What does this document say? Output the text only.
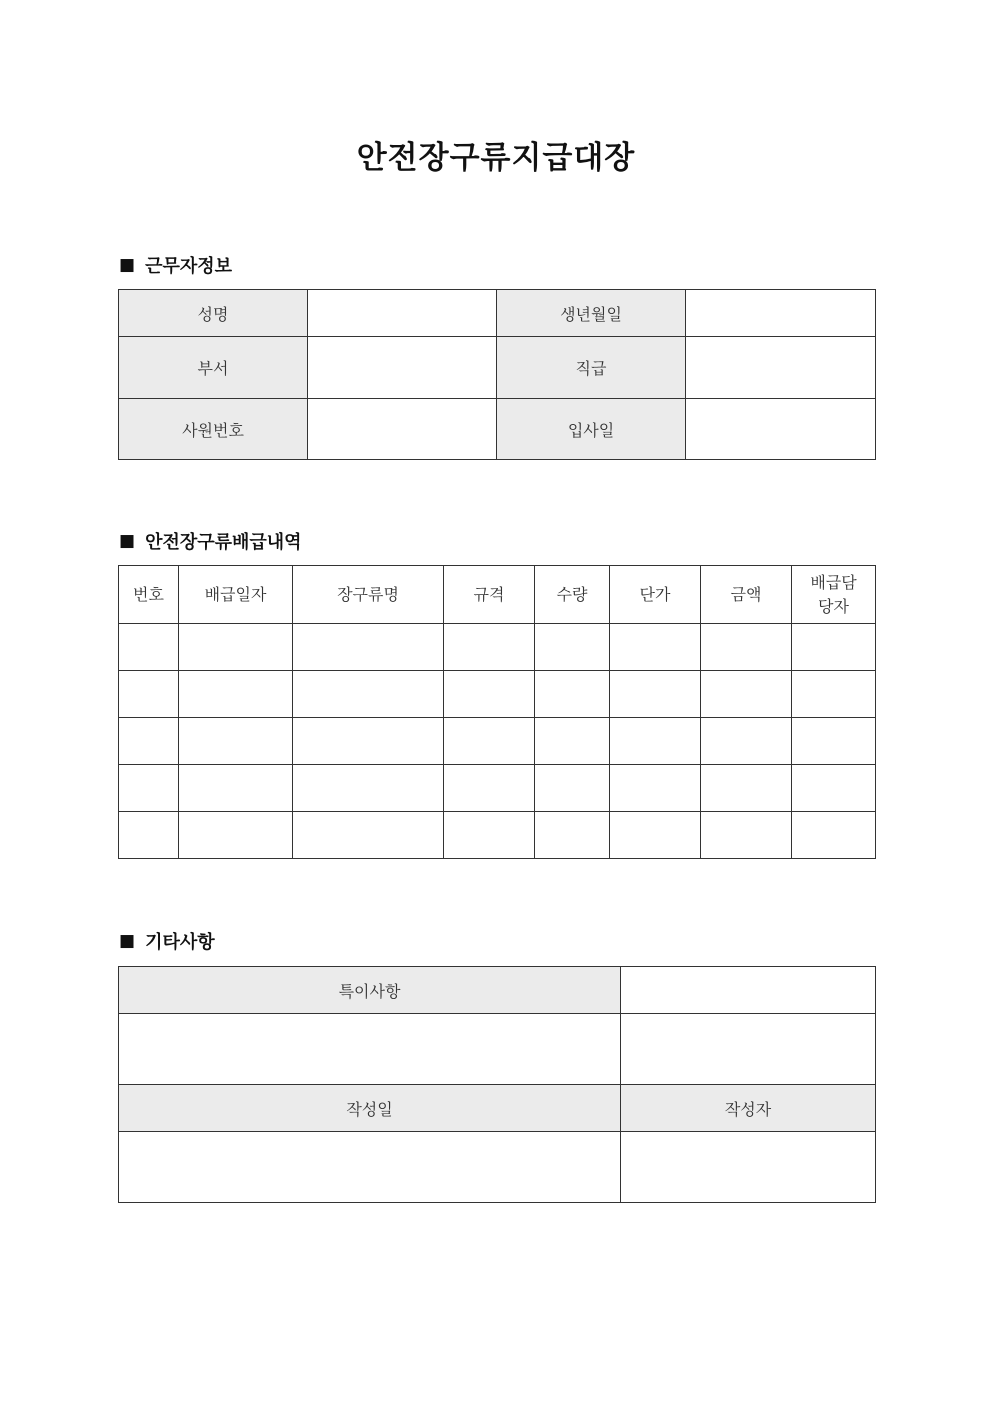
안전장구류지급대장
■ 근무자정보
성명		생년월일	
부서		직급	
사원번호		입사일	
■ 안전장구류배급내역
번호	배급일자	장구류명	규격	수량	단가	금액	배급담당자

■ 기타사항
특이사항	

작성일	작성자
